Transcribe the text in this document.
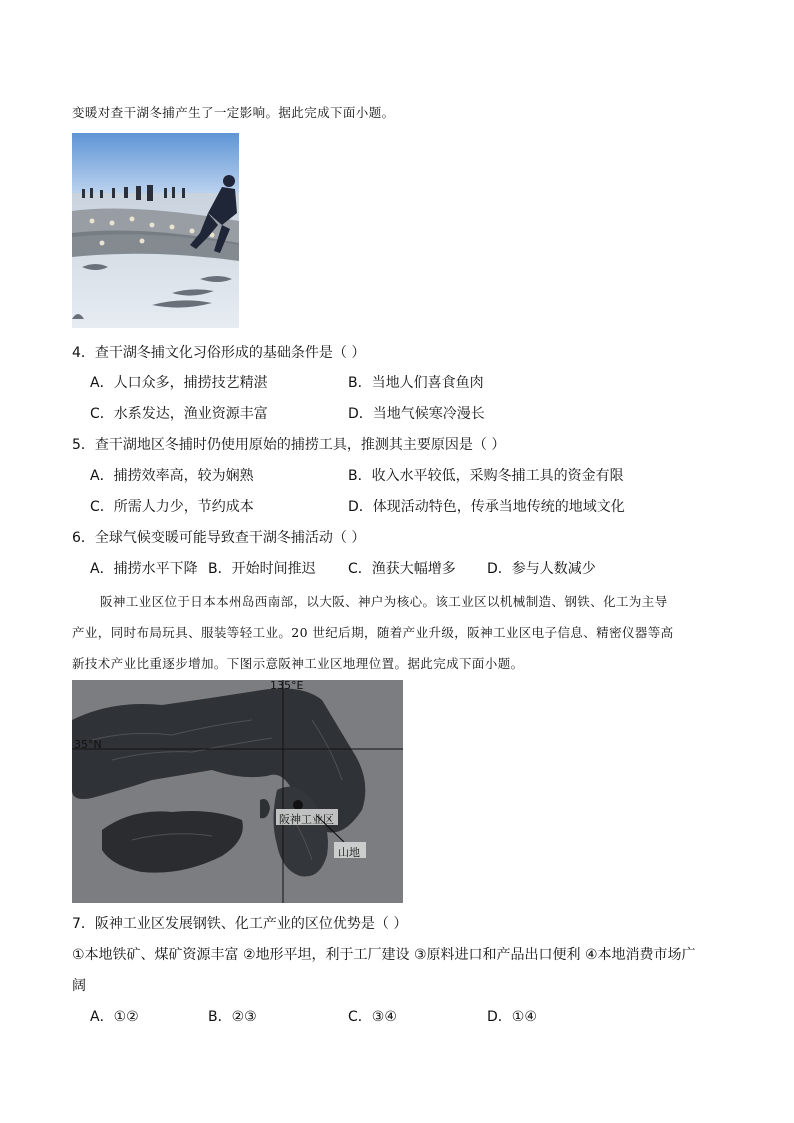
变暖对查干湖冬捕产生了一定影响。据此完成下面小题。
4．查干湖冬捕文化习俗形成的基础条件是（ ）
A．人口众多，捕捞技艺精湛	B．当地人们喜食鱼肉
C．水系发达，渔业资源丰富	D．当地气候寒冷漫长
5．查干湖地区冬捕时仍使用原始的捕捞工具，推测其主要原因是（ ）
A．捕捞效率高，较为娴熟	B．收入水平较低，采购冬捕工具的资金有限
C．所需人力少，节约成本	D．体现活动特色，传承当地传统的地域文化
6．全球气候变暖可能导致查干湖冬捕活动（ ）
A．捕捞水平下降 B．开始时间推迟 C．渔获大幅增多 D．参与人数减少
阪神工业区位于日本本州岛西南部，以大阪、神户为核心。该工业区以机械制造、钢铁、化工为主导
产业，同时布局玩具、服装等轻工业。20 世纪后期，随着产业升级，阪神工业区电子信息、精密仪器等高
新技术产业比重逐步增加。下图示意阪神工业区地理位置。据此完成下面小题。
135°E
35°N
阪神工业区
山地
7．阪神工业区发展钢铁、化工产业的区位优势是（ ）
①本地铁矿、煤矿资源丰富 ②地形平坦，利于工厂建设 ③原料进口和产品出口便利 ④本地消费市场广
阔
A．①②	B．②③	C．③④	D．①④
